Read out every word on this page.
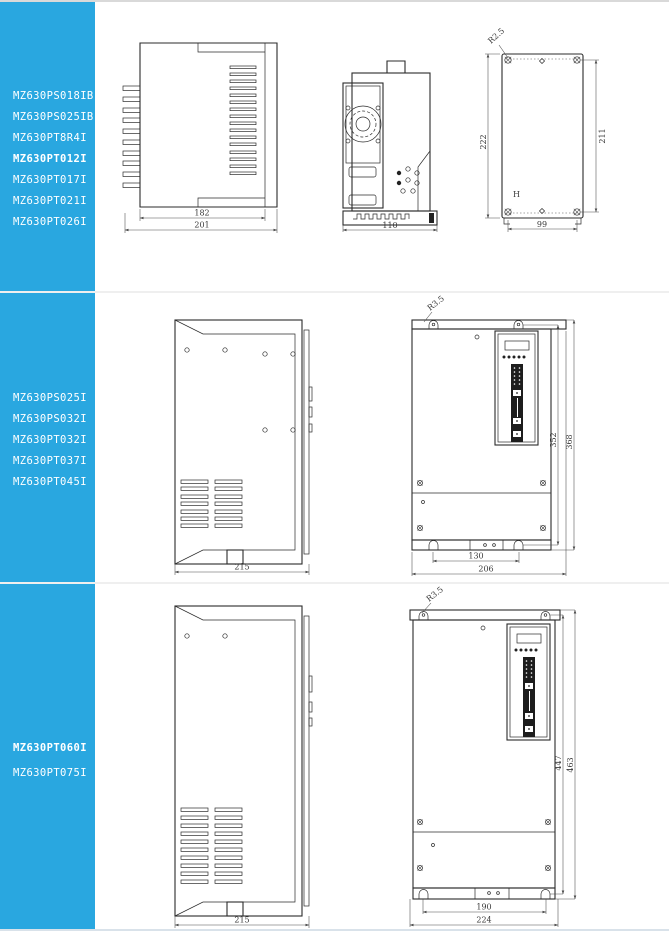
MZ630PS018IB
MZ630PS025IB
MZ630PT8R4I
MZ630PT012I
MZ630PT017I
MZ630PT021I
MZ630PT026I
MZ630PS025I
MZ630PS032I
MZ630PT032I
MZ630PT037I
MZ630PT045I
MZ630PT060I
MZ630PT075I
182
201	110
H
R2.5
222	211
99
215
R3.5
352 368
130
206
215
R3.5
447 463
190
224
